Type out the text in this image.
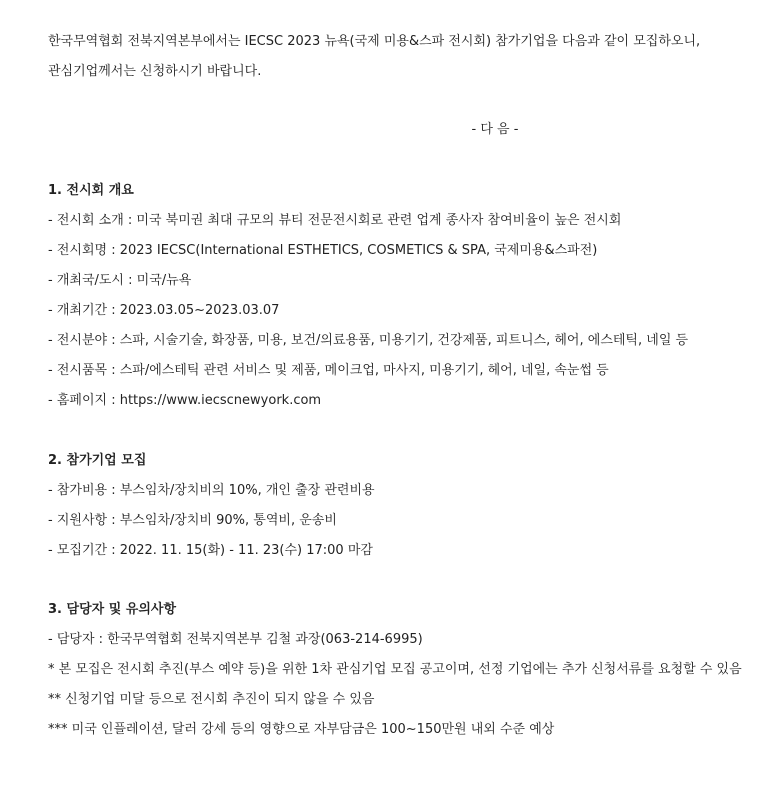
한국무역협회 전북지역본부에서는 IECSC 2023 뉴욕(국제 미용&스파 전시회) 참가기업을 다음과 같이 모집하오니,
관심기업께서는 신청하시기 바랍니다.
- 다 음 -
1. 전시회 개요
- 전시회 소개 : 미국 북미권 최대 규모의 뷰티 전문전시회로 관련 업계 종사자 참여비율이 높은 전시회
- 전시회명 : 2023 IECSC(International ESTHETICS, COSMETICS & SPA, 국제미용&스파전)
- 개최국/도시 : 미국/뉴욕
- 개최기간 : 2023.03.05~2023.03.07
- 전시분야 : 스파, 시술기술, 화장품, 미용, 보건/의료용품, 미용기기, 건강제품, 피트니스, 헤어, 에스테틱, 네일 등
- 전시품목 : 스파/에스테틱 관련 서비스 및 제품, 메이크업, 마사지, 미용기기, 헤어, 네일, 속눈썹 등
- 홈페이지 : https://www.iecscnewyork.com
2. 참가기업 모집
- 참가비용 : 부스임차/장치비의 10%, 개인 출장 관련비용
- 지원사항 : 부스임차/장치비 90%, 통역비, 운송비
- 모집기간 : 2022. 11. 15(화) - 11. 23(수) 17:00 마감
3. 담당자 및 유의사항
- 담당자 : 한국무역협회 전북지역본부 김철 과장(063-214-6995)
* 본 모집은 전시회 추진(부스 예약 등)을 위한 1차 관심기업 모집 공고이며, 선정 기업에는 추가 신청서류를 요청할 수 있음
** 신청기업 미달 등으로 전시회 추진이 되지 않을 수 있음
*** 미국 인플레이션, 달러 강세 등의 영향으로 자부담금은 100~150만원 내외 수준 예상
